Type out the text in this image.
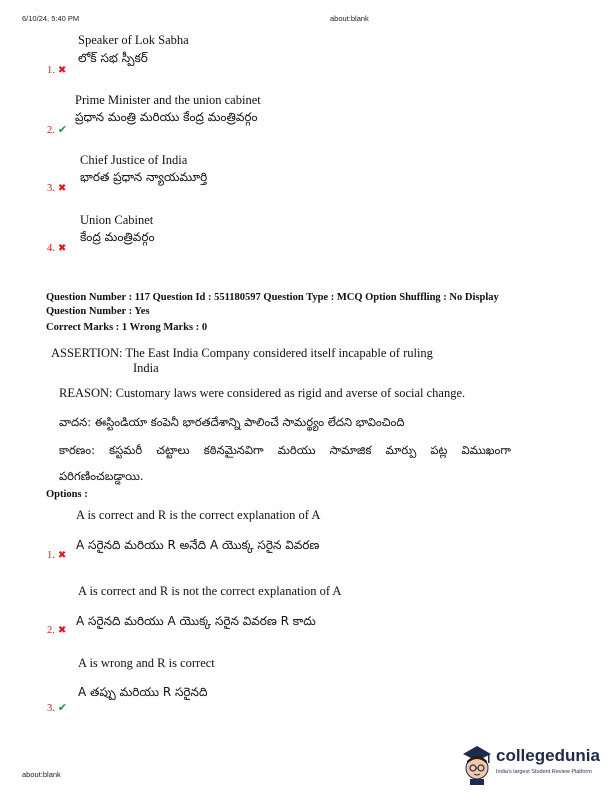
6/10/24, 5:40 PM	about:blank
Speaker of Lok Sabha
లోక్ సభ స్పీకర్
1. ✖
Prime Minister and the union cabinet
ప్రధాన మంత్రి మరియు కేంద్ర మంత్రివర్గం
2. ✔
Chief Justice of India
భారత ప్రధాన న్యాయమూర్తి
3. ✖
Union Cabinet
కేంద్ర మంత్రివర్గం
4. ✖
Question Number : 117 Question Id : 551180597 Question Type : MCQ Option Shuffling : No Display
Question Number : Yes
Correct Marks : 1 Wrong Marks : 0
ASSERTION: The East India Company considered itself incapable of ruling
India
REASON: Customary laws were considered as rigid and averse of social change.
వాదన: ఈస్టిండియా కంపెనీ భారతదేశాన్ని పాలించే సామర్థ్యం లేదని భావించింది
కారణం: కస్టమరీ చట్టాలు కఠినమైనవిగా మరియు సామాజిక మార్పు పట్ల విముఖంగా
పరిగణించబడ్డాయి.
Options :
A is correct and R is the correct explanation of A
A సరైనది మరియు R అనేది A యొక్క సరైన వివరణ
1. ✖
A is correct and R is not the correct explanation of A
A సరైనది మరియు A యొక్క సరైన వివరణ R కాదు
2. ✖
A is wrong and R is correct
A తప్పు మరియు R సరైనది
3. ✔
about:blank
collegedunia
India's largest Student Review Platform
